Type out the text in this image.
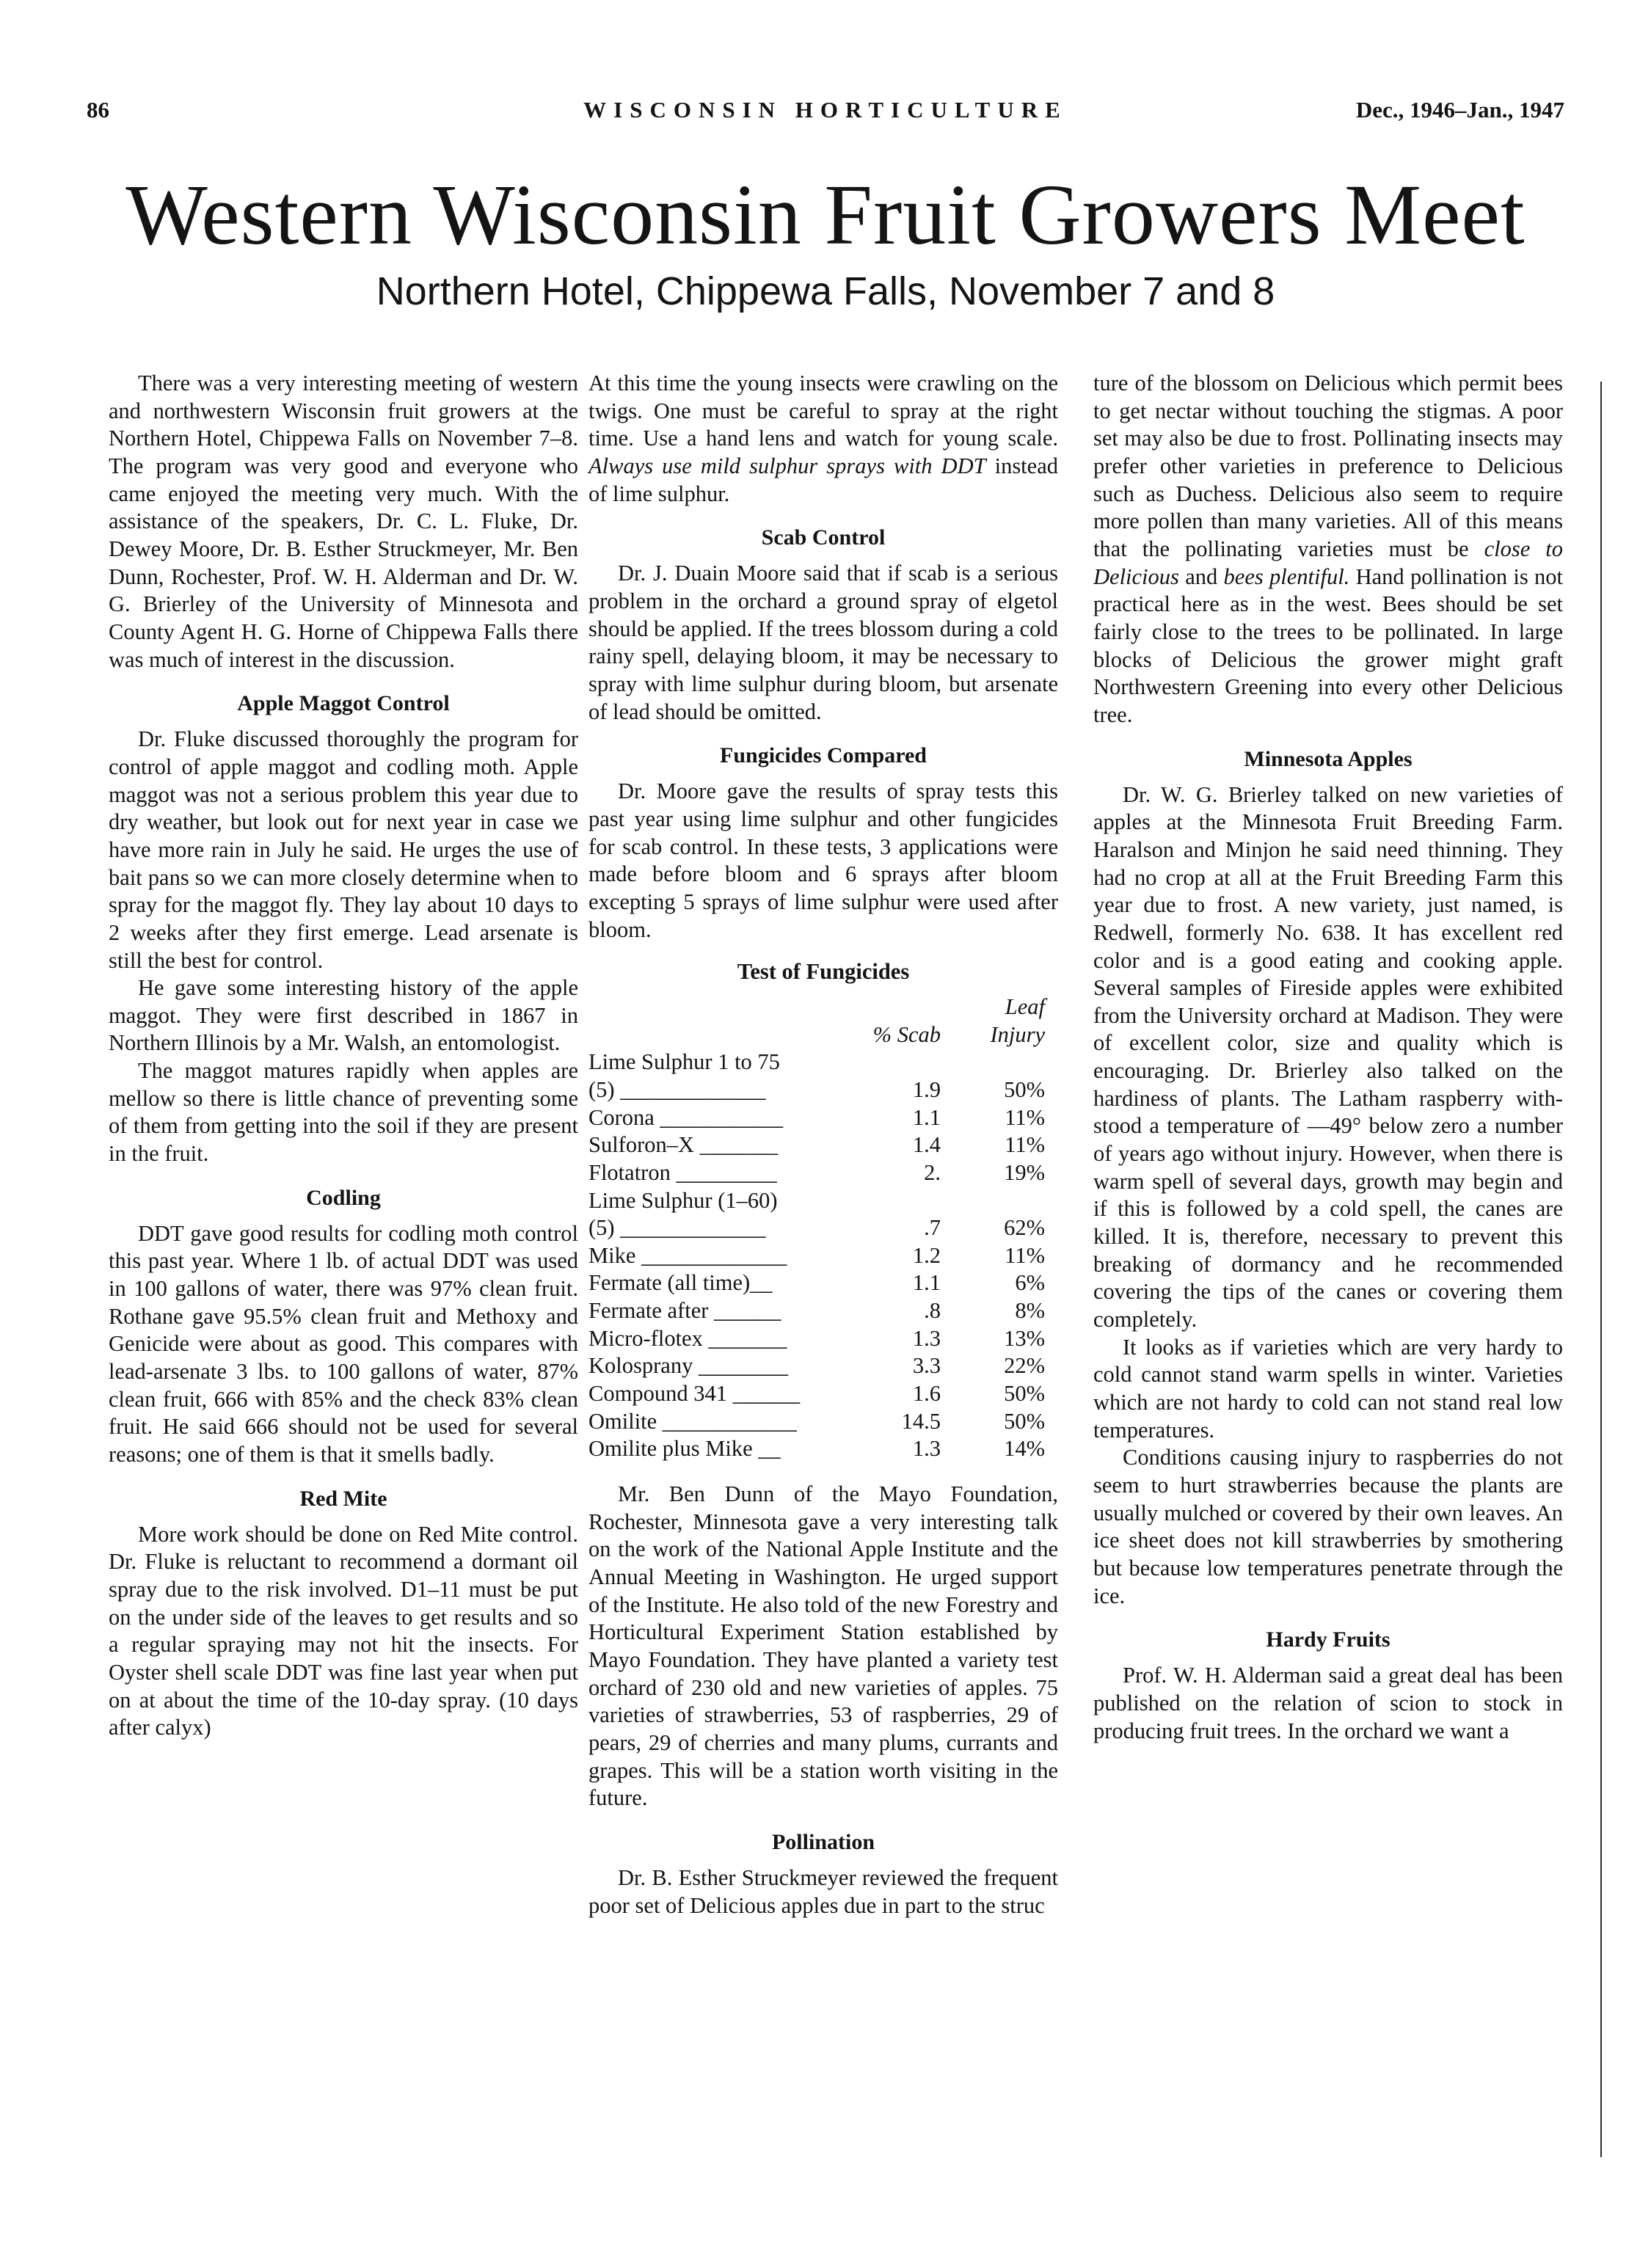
86	WISCONSIN HORTICULTURE	Dec., 1946–Jan., 1947
Western Wisconsin Fruit Growers Meet
Northern Hotel, Chippewa Falls, November 7 and 8

There was a very interesting meeting of western and northwestern Wisconsin fruit growers at the Northern Hotel, Chippewa Falls on November 7–8. The program was very good and everyone who came enjoyed the meeting very much. With the assistance of the speakers, Dr. C. L. Fluke, Dr. Dewey Moore, Dr. B. Esther Struckmeyer, Mr. Ben Dunn, Rochester, Prof. W. H. Alderman and Dr. W. G. Brierley of the University of Minnesota and County Agent H. G. Horne of Chippewa Falls there was much of interest in the discussion.

Apple Maggot Control

Dr. Fluke discussed thoroughly the program for control of apple maggot and codling moth. Apple maggot was not a serious problem this year due to dry weather, but look out for next year in case we have more rain in July he said. He urges the use of bait pans so we can more closely determine when to spray for the maggot fly. They lay about 10 days to 2 weeks after they first emerge. Lead arsenate is still the best for control.

He gave some interesting history of the apple maggot. They were first described in 1867 in Northern Illinois by a Mr. Walsh, an entomologist.

The maggot matures rapidly when apples are mellow so there is little chance of preventing some of them from getting into the soil if they are present in the fruit.

Codling

DDT gave good results for codling moth control this past year. Where 1 lb. of actual DDT was used in 100 gallons of water, there was 97% clean fruit. Rothane gave 95.5% clean fruit and Methoxy and Genicide were about as good. This compares with lead-arsenate 3 lbs. to 100 gallons of water, 87% clean fruit, 666 with 85% and the check 83% clean fruit. He said 666 should not be used for several reasons; one of them is that it smells badly.

Red Mite

More work should be done on Red Mite control. Dr. Fluke is reluctant to recommend a dormant oil spray due to the risk involved. D1–11 must be put on the under side of the leaves to get results and so a regular spraying may not hit the insects. For Oyster shell scale DDT was fine last year when put on at about the time of the 10-day spray. (10 days after calyx)

At this time the young insects were crawling on the twigs. One must be careful to spray at the right time. Use a hand lens and watch for young scale. Always use mild sulphur sprays with DDT instead of lime sulphur.

Scab Control

Dr. J. Duain Moore said that if scab is a serious problem in the orchard a ground spray of elgetol should be applied. If the trees blossom during a cold rainy spell, delaying bloom, it may be necessary to spray with lime sulphur during bloom, but arsenate of lead should be omitted.

Fungicides Compared

Dr. Moore gave the results of spray tests this past year using lime sulphur and other fungicides for scab control. In these tests, 3 applications were made before bloom and 6 sprays after bloom excepting 5 sprays of lime sulphur were used after bloom.

Test of Fungicides
		Leaf
	% Scab	Injury
Lime Sulphur 1 to 75		
(5) _____________	1.9	50%
Corona ___________	1.1	11%
Sulforon–X _______	1.4	11%
Flotatron _________	2.	19%
Lime Sulphur (1–60)		
(5) _____________	.7	62%
Mike _____________	1.2	11%
Fermate (all time)__	1.1	6%
Fermate after ______	.8	8%
Micro-flotex _______	1.3	13%
Kolosprany ________	3.3	22%
Compound 341 ______	1.6	50%
Omilite ____________	14.5	50%
Omilite plus Mike __	1.3	14%

Mr. Ben Dunn of the Mayo Foundation, Rochester, Minnesota gave a very interesting talk on the work of the National Apple Institute and the Annual Meeting in Washington. He urged support of the Institute. He also told of the new Forestry and Horticultural Experiment Station established by Mayo Foundation. They have planted a variety test orchard of 230 old and new varieties of apples. 75 varieties of strawberries, 53 of raspberries, 29 of pears, 29 of cherries and many plums, currants and grapes. This will be a station worth visiting in the future.

Pollination

Dr. B. Esther Struckmeyer reviewed the frequent poor set of Delicious apples due in part to the struc

ture of the blossom on Delicious which permit bees to get nectar without touching the stigmas. A poor set may also be due to frost. Pollinating insects may prefer other varieties in preference to Delicious such as Duchess. Delicious also seem to require more pollen than many varieties. All of this means that the pollinating varieties must be close to Delicious and bees plentiful. Hand pollination is not practical here as in the west. Bees should be set fairly close to the trees to be pollinated. In large blocks of Delicious the grower might graft Northwestern Greening into every other Delicious tree.

Minnesota Apples

Dr. W. G. Brierley talked on new varieties of apples at the Minnesota Fruit Breeding Farm. Haralson and Minjon he said need thinning. They had no crop at all at the Fruit Breeding Farm this year due to frost. A new variety, just named, is Redwell, formerly No. 638. It has excellent red color and is a good eating and cooking apple. Several samples of Fireside apples were exhibited from the University orchard at Madison. They were of excellent color, size and quality which is encouraging. Dr. Brierley also talked on the hardiness of plants. The Latham raspberry withstood a temperature of —49° below zero a number of years ago without injury. However, when there is warm spell of several days, growth may begin and if this is followed by a cold spell, the canes are killed. It is, therefore, necessary to prevent this breaking of dormancy and he recommended covering the tips of the canes or covering them completely.

It looks as if varieties which are very hardy to cold cannot stand warm spells in winter. Varieties which are not hardy to cold can not stand real low temperatures.

Conditions causing injury to raspberries do not seem to hurt strawberries because the plants are usually mulched or covered by their own leaves. An ice sheet does not kill strawberries by smothering but because low temperatures penetrate through the ice.

Hardy Fruits

Prof. W. H. Alderman said a great deal has been published on the relation of scion to stock in producing fruit trees. In the orchard we want a
